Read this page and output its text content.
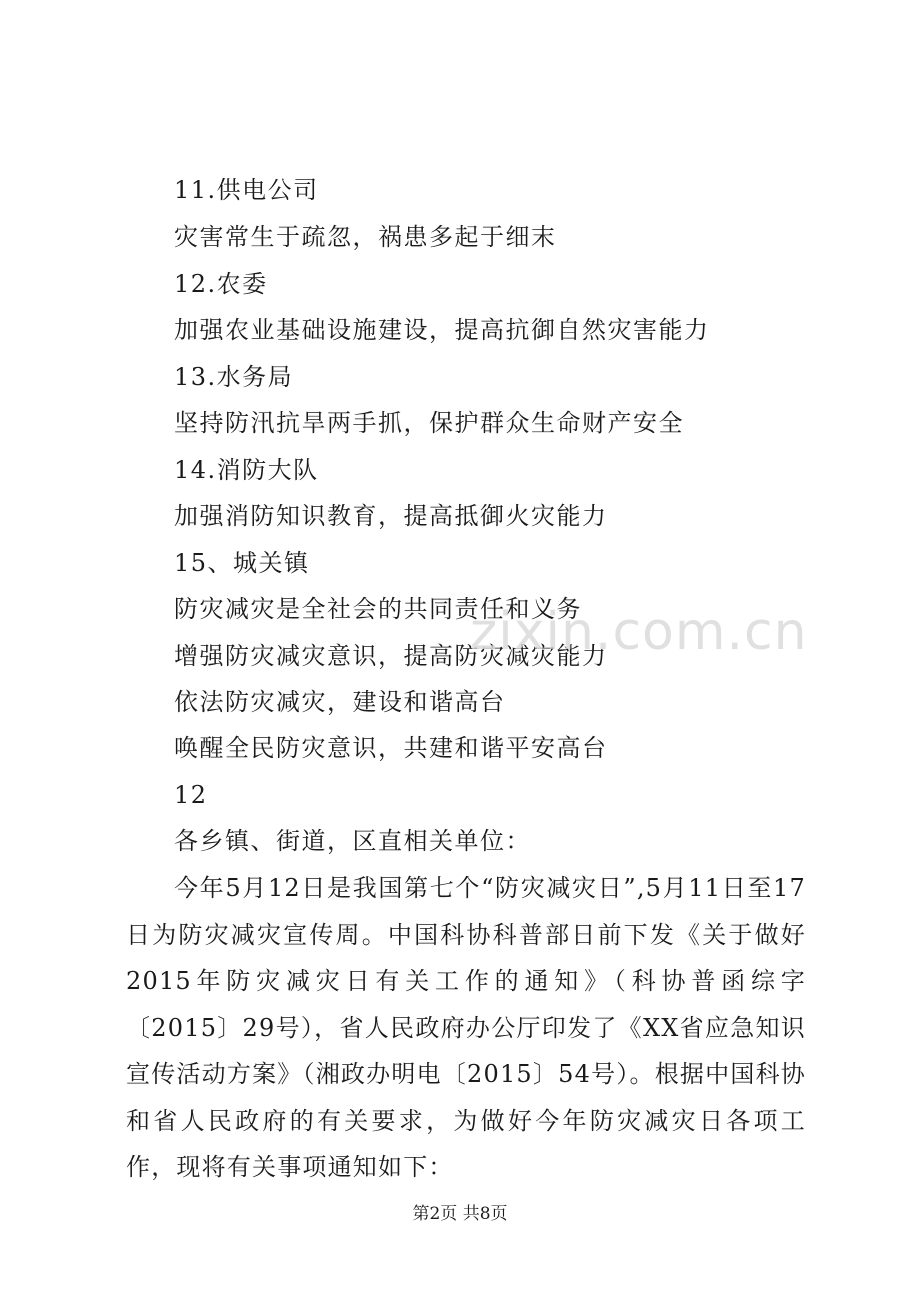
11.供电公司
灾害常生于疏忽，祸患多起于细末
12.农委
加强农业基础设施建设，提高抗御自然灾害能力
13.水务局
坚持防汛抗旱两手抓，保护群众生命财产安全
14.消防大队
加强消防知识教育，提高抵御火灾能力
15、城关镇
防灾减灾是全社会的共同责任和义务
增强防灾减灾意识，提高防灾减灾能力
依法防灾减灾，建设和谐高台
唤醒全民防灾意识，共建和谐平安高台
12
各乡镇、街道，区直相关单位：
今年5月12日是我国第七个“防灾减灾日”,5月11日至17日为防灾减灾宣传周。中国科协科普部日前下发《关于做好2015年防灾减灾日有关工作的通知》（科协普函综字〔2015〕29号），省人民政府办公厅印发了《XX省应急知识宣传活动方案》（湘政办明电〔2015〕54号）。根据中国科协和省人民政府的有关要求，为做好今年防灾减灾日各项工作，现将有关事项通知如下：
zixin.com.cn
第2页 共8页
